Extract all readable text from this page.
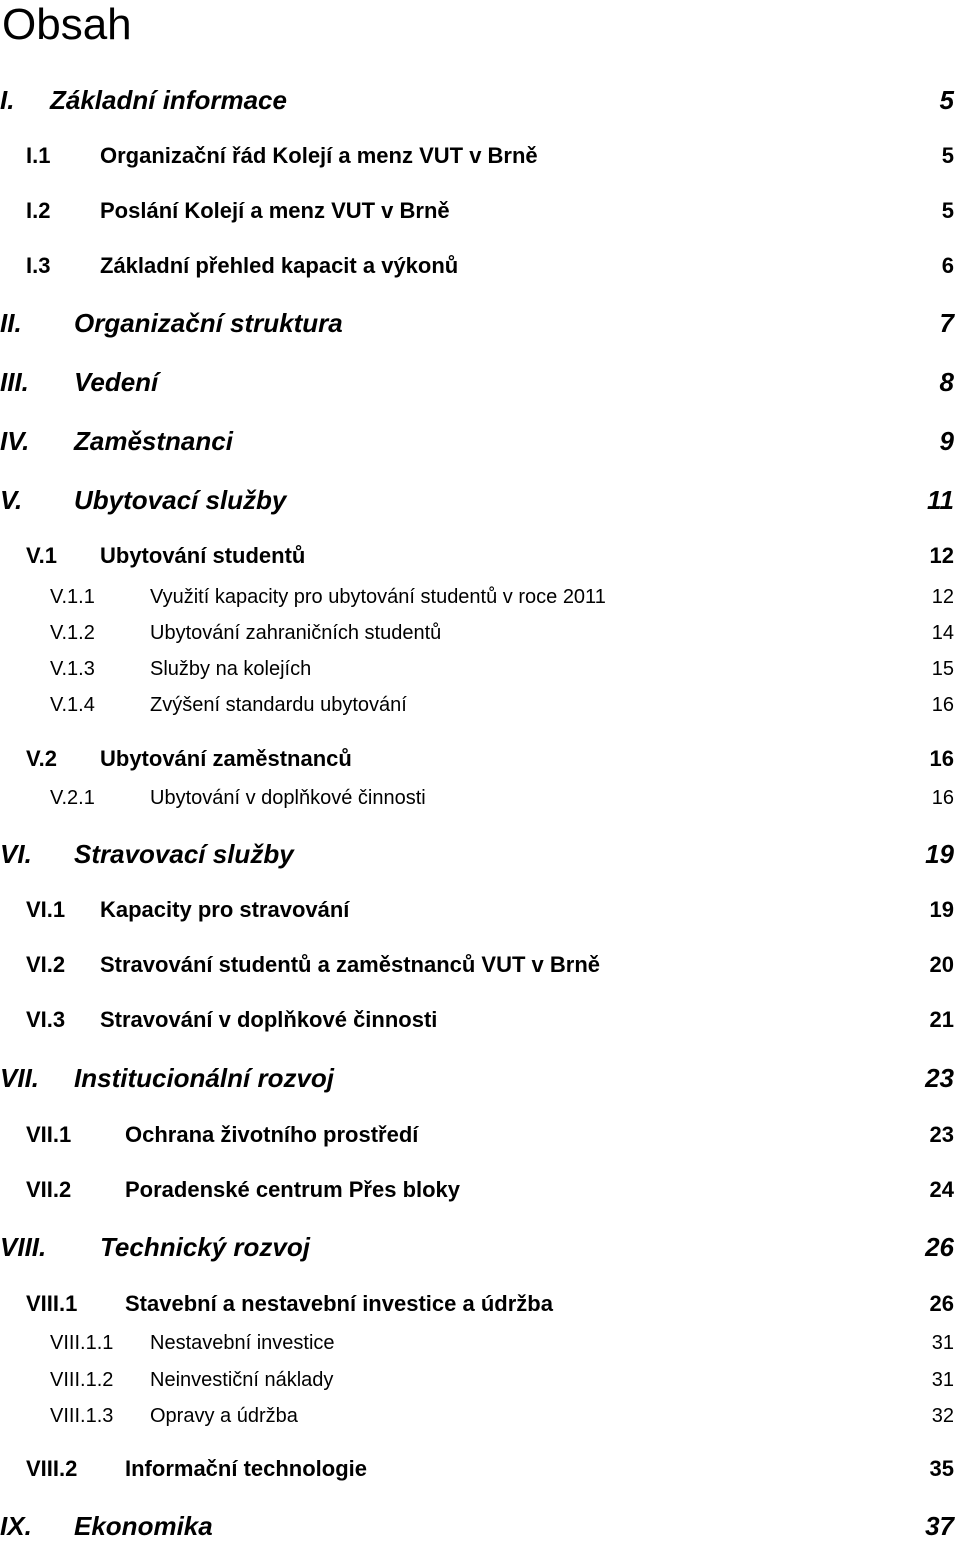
Obsah
I. Základní informace	5
I.1 Organizační řád Kolejí a menz VUT v Brně	5
I.2 Poslání Kolejí a menz VUT v Brně	5
I.3 Základní přehled kapacit a výkonů	6
II. Organizační struktura	7
III. Vedení	8
IV. Zaměstnanci	9
V. Ubytovací služby	11
V.1 Ubytování studentů	12
V.1.1	Využití kapacity pro ubytování studentů v roce 2011	12
V.1.2	Ubytování zahraničních studentů	14
V.1.3	Služby na kolejích	15
V.1.4	Zvýšení standardu ubytování	16
V.2 Ubytování zaměstnanců	16
V.2.1	Ubytování v doplňkové činnosti	16
VI. Stravovací služby	19
VI.1 Kapacity pro stravování	19
VI.2 Stravování studentů a zaměstnanců VUT v Brně	20
VI.3 Stravování v doplňkové činnosti	21
VII. Institucionální rozvoj	23
VII.1 Ochrana životního prostředí	23
VII.2 Poradenské centrum Přes bloky	24
VIII. Technický rozvoj	26
VIII.1 Stavební a nestavební investice a údržba	26
VIII.1.1 Nestavební investice	31
VIII.1.2 Neinvestiční náklady	31
VIII.1.3 Opravy a údržba	32
VIII.2 Informační technologie	35
IX. Ekonomika	37
